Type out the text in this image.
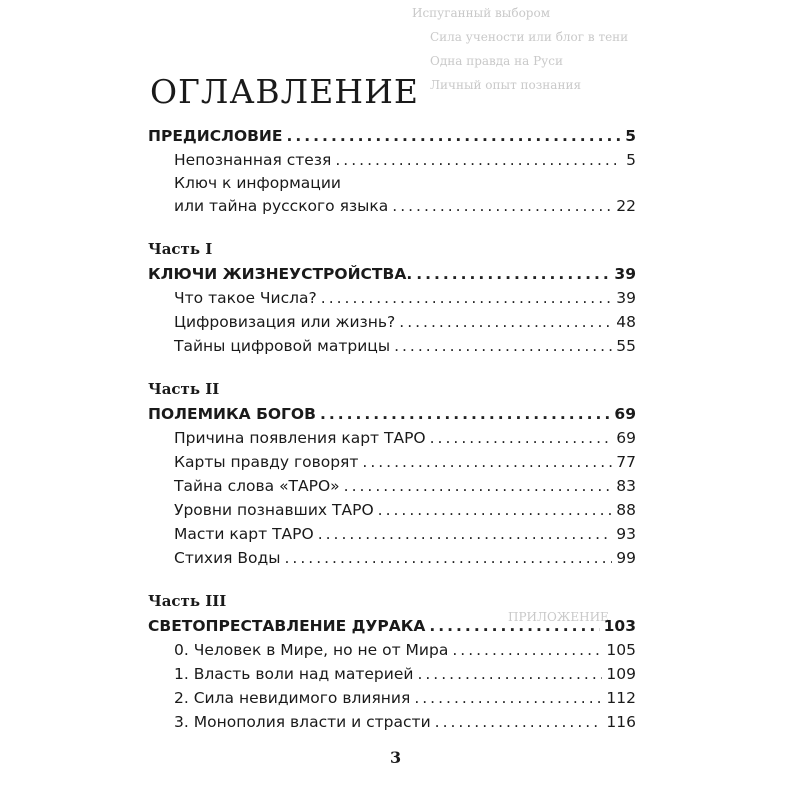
Испуганный выбором
Сила учености или блог в тени
Одна правда на Руси
Личный опыт познания
ПРИЛОЖЕНИЕ
ОГЛАВЛЕНИЕ
ПРЕДИСЛОВИЕ .....	5
Непознанная стезя .....	5
Ключ к информации
или тайна русского языка .....	22
Часть I
КЛЮЧИ ЖИЗНЕУСТРОЙСТВА. .....	39
Что такое Числа? .....	39
Цифровизация или жизнь? .....	48
Тайны цифровой матрицы .....	55
Часть II
ПОЛЕМИКА БОГОВ .....	69
Причина появления карт ТАРО .....	69
Карты правду говорят .....	77
Тайна слова «ТАРО» .....	83
Уровни познавших ТАРО .....	88
Масти карт ТАРО .....	93
Стихия Воды .....	99
Часть III
СВЕТОПРЕСТАВЛЕНИЕ ДУРАКА .....	103
0. Человек в Мире, но не от Мира .....	105
1. Власть воли над материей .....	109
2. Сила невидимого влияния .....	112
3. Монополия власти и страсти .....	116
3
